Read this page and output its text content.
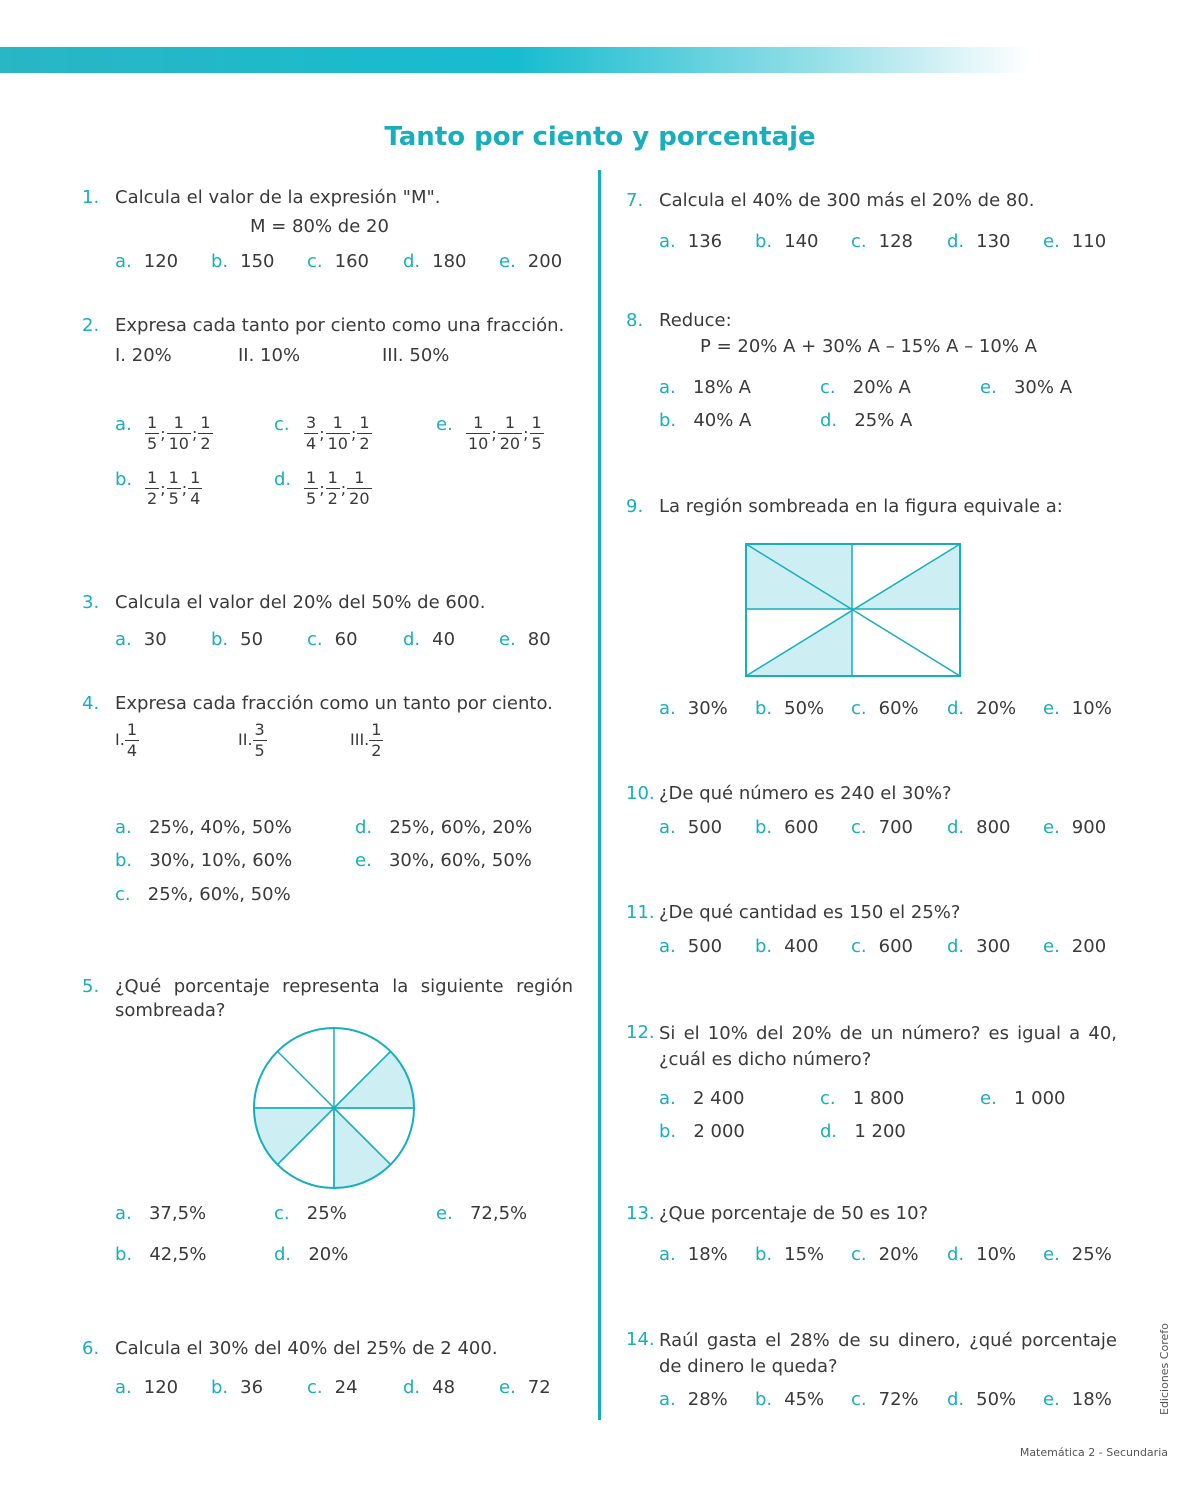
Tanto por ciento y porcentaje
1. Calcula el valor de la expresión "M".
M = 80% de 20
a. 120	b. 150	c. 160	d. 180	e. 200
2. Expresa cada tanto por ciento como una fracción.
I. 20%	II. 10%	III. 50%
a. $\frac{1}{5}$ ; $\frac{1}{10}$ ; $\frac{1}{2}$	c. $\frac{3}{4}$ ; $\frac{1}{10}$ ; $\frac{1}{2}$	e. $\frac{1}{10}$ ; $\frac{1}{20}$ ; $\frac{1}{5}$
b. $\frac{1}{2}$ ; $\frac{1}{5}$ ; $\frac{1}{4}$	d. $\frac{1}{5}$ ; $\frac{1}{2}$ ; $\frac{1}{20}$
3. Calcula el valor del 20% del 50% de 600.
a. 30	b. 50	c. 60	d. 40	e. 80
4. Expresa cada fracción como un tanto por ciento.
I. $\frac{1}{4}$	II. $\frac{3}{5}$	III. $\frac{1}{2}$
a. 25%, 40%, 50%
b. 30%, 10%, 60%
c. 25%, 60%, 50%
d. 25%, 60%, 20%
e. 30%, 60%, 50%
5. ¿Qué porcentaje representa la siguiente región sombreada?
a. 37,5%
b. 42,5%
c. 25%
d. 20%
e. 72,5%
6. Calcula el 30% del 40% del 25% de 2 400.
a. 120	b. 36	c. 24	d. 48	e. 72
7. Calcula el 40% de 300 más el 20% de 80.
a. 136	b. 140	c. 128	d. 130	e. 110
8. Reduce:
P = 20% A + 30% A – 15% A – 10% A
a. 18% A
b. 40% A
c. 20% A
d. 25% A
e. 30% A
9. La región sombreada en la figura equivale a:
a. 30%	b. 50%	c. 60%	d. 20%	e. 10%
10. ¿De qué número es 240 el 30%?
a. 500	b. 600	c. 700	d. 800	e. 900
11. ¿De qué cantidad es 150 el 25%?
a. 500	b. 400	c. 600	d. 300	e. 200
12. Si el 10% del 20% de un número? es igual a 40, ¿cuál es dicho número?
a. 2 400
b. 2 000
c. 1 800
d. 1 200
e. 1 000
13. ¿Que porcentaje de 50 es 10?
a. 18%	b. 15%	c. 20%	d. 10%	e. 25%
14. Raúl gasta el 28% de su dinero, ¿qué porcentaje de dinero le queda?
a. 28%	b. 45%	c. 72%	d. 50%	e. 18%	Ediciones Corefo
Matemática 2 - Secundaria
